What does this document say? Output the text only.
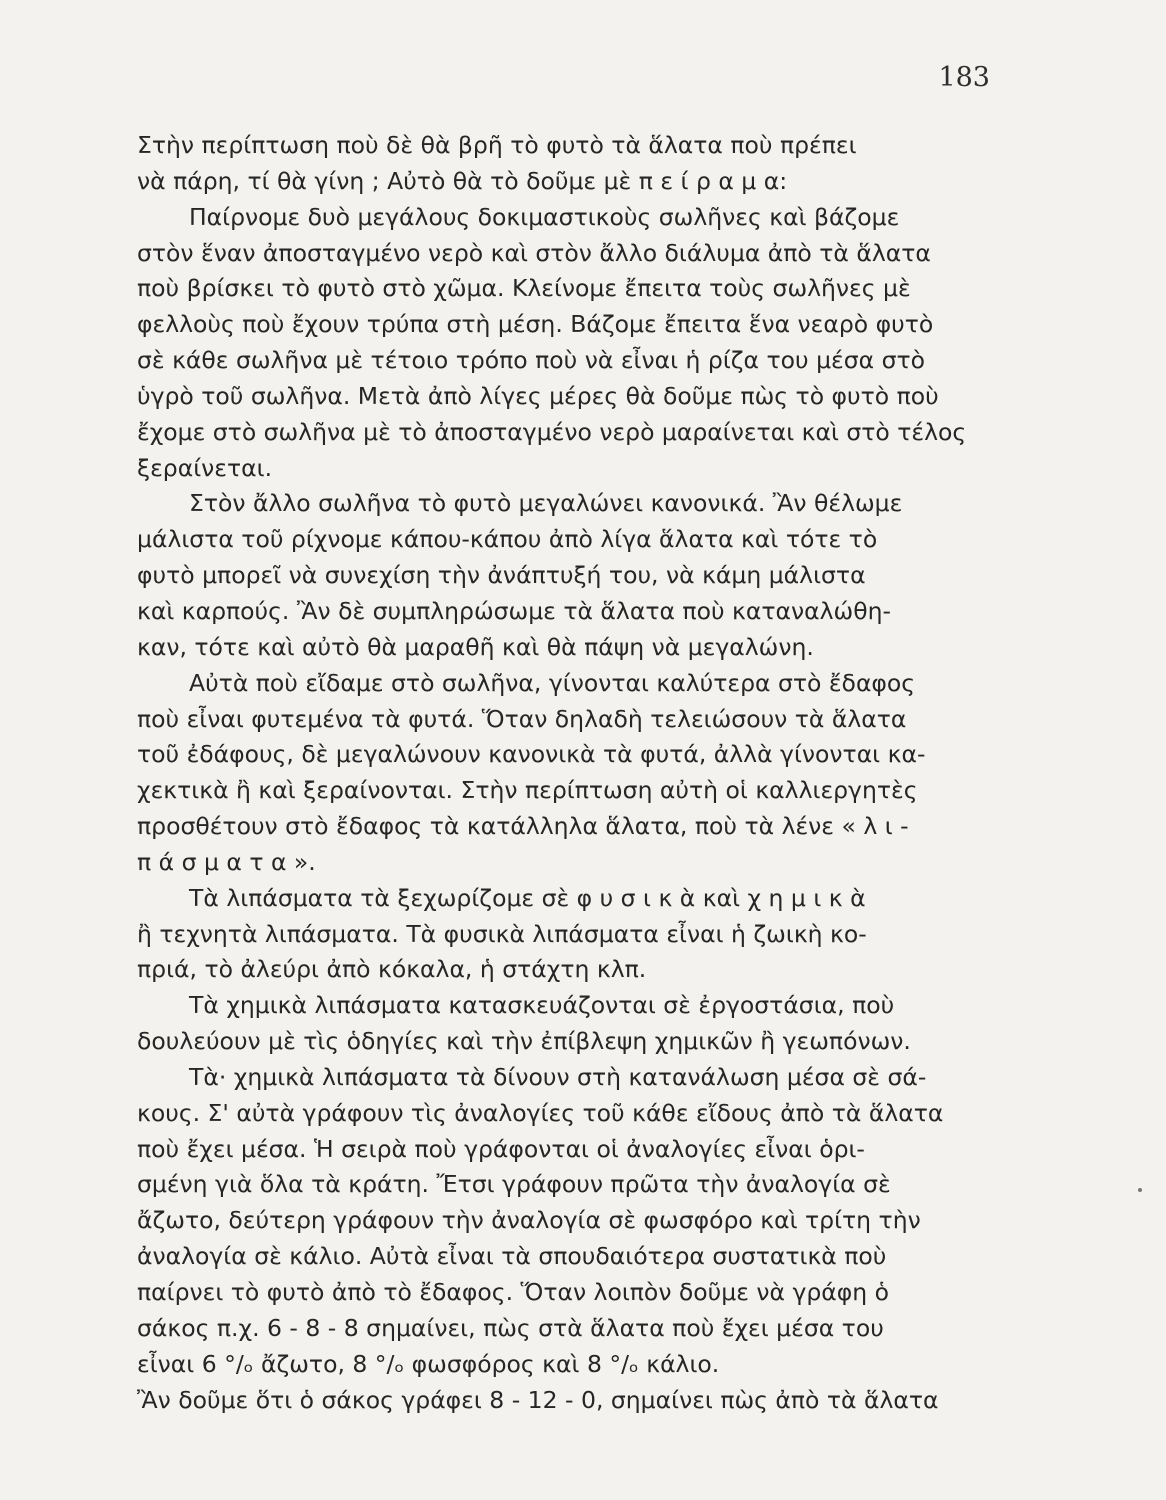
183
Στὴν περίπτωση ποὺ δὲ θὰ βρῆ τὸ φυτὸ τὰ ἅλατα ποὺ πρέπει
νὰ πάρη, τί θὰ γίνη ; Αὐτὸ θὰ τὸ δοῦμε μὲ π ε ί ρ α μ α:
Παίρνομε δυὸ μεγάλους δοκιμαστικοὺς σωλῆνες καὶ βάζομε
στὸν ἕναν ἀποσταγμένο νερὸ καὶ στὸν ἄλλο διάλυμα ἀπὸ τὰ ἅλατα
ποὺ βρίσκει τὸ φυτὸ στὸ χῶμα. Κλείνομε ἔπειτα τοὺς σωλῆνες μὲ
φελλοὺς ποὺ ἔχουν τρύπα στὴ μέση. Βάζομε ἔπειτα ἕνα νεαρὸ φυτὸ
σὲ κάθε σωλῆνα μὲ τέτοιο τρόπο ποὺ νὰ εἶναι ἡ ρίζα του μέσα στὸ
ὑγρὸ τοῦ σωλῆνα. Μετὰ ἀπὸ λίγες μέρες θὰ δοῦμε πὼς τὸ φυτὸ ποὺ
ἔχομε στὸ σωλῆνα μὲ τὸ ἀποσταγμένο νερὸ μαραίνεται καὶ στὸ τέλος
ξεραίνεται.
Στὸν ἄλλο σωλῆνα τὸ φυτὸ μεγαλώνει κανονικά. Ἂν θέλωμε
μάλιστα τοῦ ρίχνομε κάπου-κάπου ἀπὸ λίγα ἅλατα καὶ τότε τὸ
φυτὸ μπορεῖ νὰ συνεχίση τὴν ἀνάπτυξή του, νὰ κάμη μάλιστα
καὶ καρπούς. Ἂν δὲ συμπληρώσωμε τὰ ἅλατα ποὺ καταναλώθη-
καν, τότε καὶ αὐτὸ θὰ μαραθῆ καὶ θὰ πάψη νὰ μεγαλώνη.
Αὐτὰ ποὺ εἴδαμε στὸ σωλῆνα, γίνονται καλύτερα στὸ ἔδαφος
ποὺ εἶναι φυτεμένα τὰ φυτά. Ὅταν δηλαδὴ τελειώσουν τὰ ἅλατα
τοῦ ἐδάφους, δὲ μεγαλώνουν κανονικὰ τὰ φυτά, ἀλλὰ γίνονται κα-
χεκτικὰ ἢ καὶ ξεραίνονται. Στὴν περίπτωση αὐτὴ οἱ καλλιεργητὲς
προσθέτουν στὸ ἔδαφος τὰ κατάλληλα ἅλατα, ποὺ τὰ λένε « λ ι -
π ά σ μ α τ α ».
Τὰ λιπάσματα τὰ ξεχωρίζομε σὲ φ υ σ ι κ ὰ καὶ χ η μ ι κ ὰ
ἢ τεχνητὰ λιπάσματα. Τὰ φυσικὰ λιπάσματα εἶναι ἡ ζωικὴ κο-
πριά, τὸ ἀλεύρι ἀπὸ κόκαλα, ἡ στάχτη κλπ.
Τὰ χημικὰ λιπάσματα κατασκευάζονται σὲ ἐργοστάσια, ποὺ
δουλεύουν μὲ τὶς ὁδηγίες καὶ τὴν ἐπίβλεψη χημικῶν ἢ γεωπόνων.
Τὰ· χημικὰ λιπάσματα τὰ δίνουν στὴ κατανάλωση μέσα σὲ σά-
κους. Σ' αὐτὰ γράφουν τὶς ἀναλογίες τοῦ κάθε εἴδους ἀπὸ τὰ ἅλατα
ποὺ ἔχει μέσα. Ἡ σειρὰ ποὺ γράφονται οἱ ἀναλογίες εἶναι ὁρι-
σμένη γιὰ ὅλα τὰ κράτη. Ἔτσι γράφουν πρῶτα τὴν ἀναλογία σὲ
ἄζωτο, δεύτερη γράφουν τὴν ἀναλογία σὲ φωσφόρο καὶ τρίτη τὴν
ἀναλογία σὲ κάλιο. Αὐτὰ εἶναι τὰ σπουδαιότερα συστατικὰ ποὺ
παίρνει τὸ φυτὸ ἀπὸ τὸ ἔδαφος. Ὅταν λοιπὸν δοῦμε νὰ γράφη ὁ
σάκος π.χ. 6 - 8 - 8 σημαίνει, πὼς στὰ ἅλατα ποὺ ἔχει μέσα του
εἶναι 6 °/ₒ ἄζωτο, 8 °/ₒ φωσφόρος καὶ 8 °/ₒ κάλιο.
Ἂν δοῦμε ὅτι ὁ σάκος γράφει 8 - 12 - 0, σημαίνει πὼς ἀπὸ τὰ ἅλατα
